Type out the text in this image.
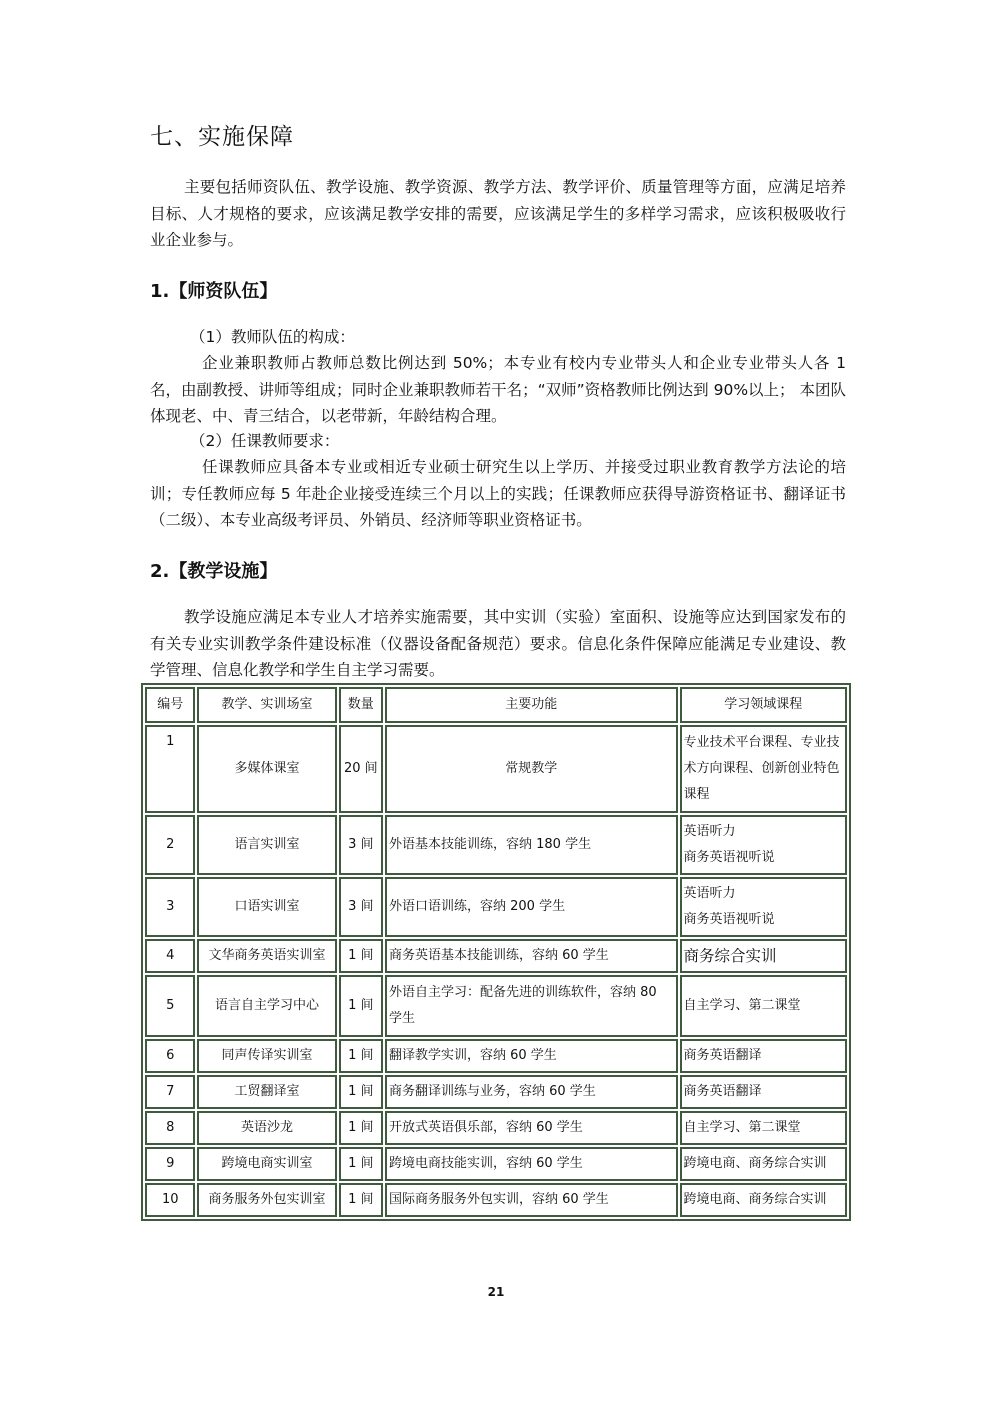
七、实施保障

主要包括师资队伍、教学设施、教学资源、教学方法、教学评价、质量管理等方面，应满足培养目标、人才规格的要求，应该满足教学安排的需要，应该满足学生的多样学习需求，应该积极吸收行业企业参与。

1.【师资队伍】
（1）教师队伍的构成：

企业兼职教师占教师总数比例达到 50%；本专业有校内专业带头人和企业专业带头人各 1 名，由副教授、讲师等组成；同时企业兼职教师若干名；“双师”资格教师比例达到 90%以上； 本团队体现老、中、青三结合，以老带新，年龄结构合理。

（2）任课教师要求：

任课教师应具备本专业或相近专业硕士研究生以上学历、并接受过职业教育教学方法论的培训；专任教师应每 5 年赴企业接受连续三个月以上的实践；任课教师应获得导游资格证书、翻译证书（二级）、本专业高级考评员、外销员、经济师等职业资格证书。

2.【教学设施】

教学设施应满足本专业人才培养实施需要，其中实训（实验）室面积、设施等应达到国家发布的有关专业实训教学条件建设标准（仪器设备配备规范）要求。信息化条件保障应能满足专业建设、教学管理、信息化教学和学生自主学习需要。

编号	教学、实训场室	数量	主要功能	学习领域课程
1	多媒体课室	20 间	常规教学	专业技术平台课程、专业技术方向课程、创新创业特色课程
2	语言实训室	3 间	外语基本技能训练，容纳 180 学生	英语听力
商务英语视听说
3	口语实训室	3 间	外语口语训练，容纳 200 学生	英语听力
商务英语视听说
4	文华商务英语实训室	1 间	商务英语基本技能训练，容纳 60 学生	商务综合实训
5	语言自主学习中心	1 间	外语自主学习：配备先进的训练软件，容纳 80 学生	自主学习、第二课堂
6	同声传译实训室	1 间	翻译教学实训，容纳 60 学生	商务英语翻译
7	工贸翻译室	1 间	商务翻译训练与业务，容纳 60 学生	商务英语翻译
8	英语沙龙	1 间	开放式英语俱乐部，容纳 60 学生	自主学习、第二课堂
9	跨境电商实训室	1 间	跨境电商技能实训，容纳 60 学生	跨境电商、商务综合实训
10	商务服务外包实训室	1 间	国际商务服务外包实训，容纳 60 学生	跨境电商、商务综合实训
21
